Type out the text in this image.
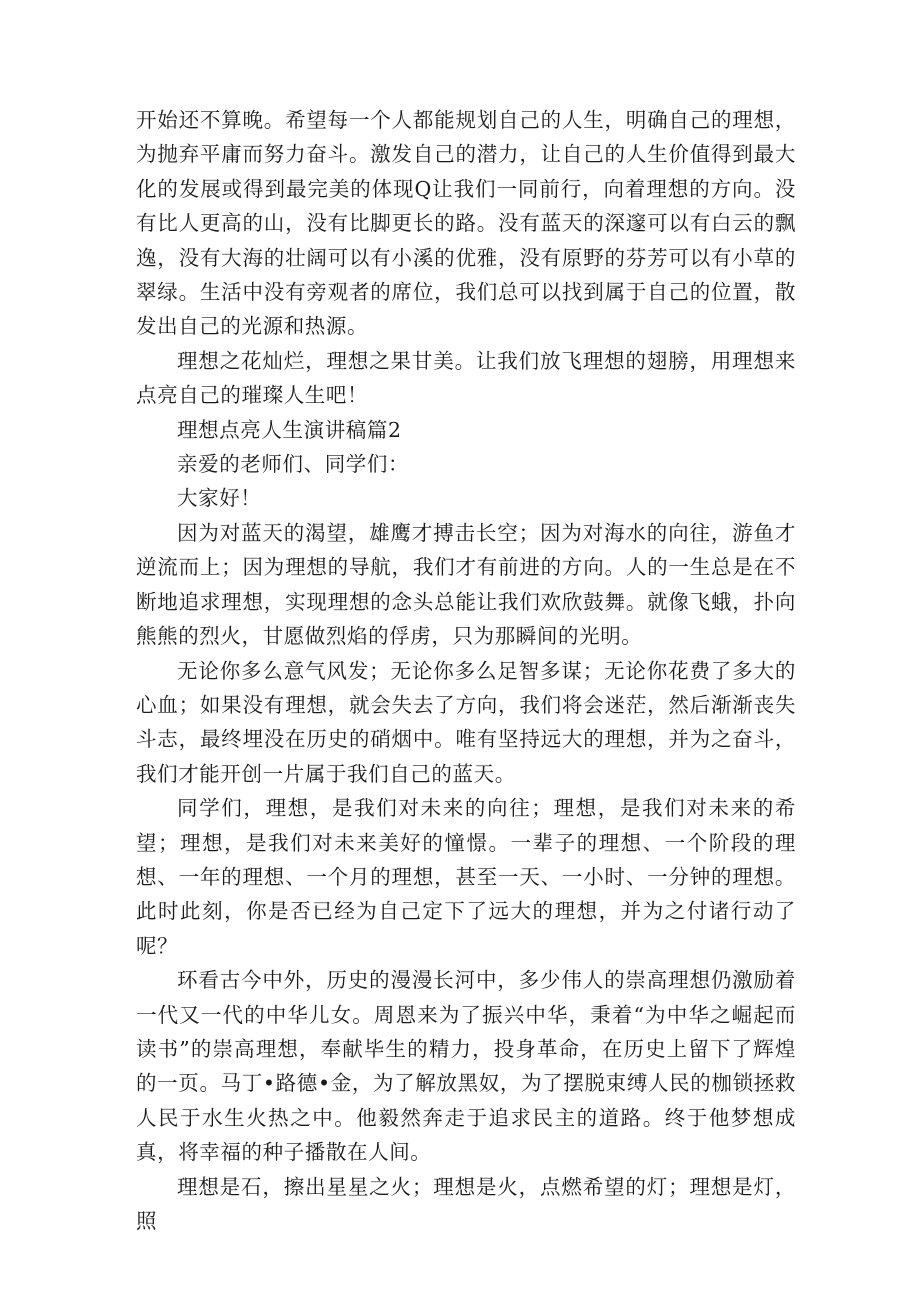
开始还不算晚。希望每一个人都能规划自己的人生，明确自己的理想，为抛弃平庸而努力奋斗。激发自己的潜力，让自己的人生价值得到最大化的发展或得到最完美的体现Q让我们一同前行，向着理想的方向。没有比人更高的山，没有比脚更长的路。没有蓝天的深邃可以有白云的飘逸，没有大海的壮阔可以有小溪的优雅，没有原野的芬芳可以有小草的翠绿。生活中没有旁观者的席位，我们总可以找到属于自己的位置，散发出自己的光源和热源。

理想之花灿烂，理想之果甘美。让我们放飞理想的翅膀，用理想来点亮自己的璀璨人生吧！

理想点亮人生演讲稿篇2

亲爱的老师们、同学们：

大家好！

因为对蓝天的渴望，雄鹰才搏击长空；因为对海水的向往，游鱼才逆流而上；因为理想的导航，我们才有前进的方向。人的一生总是在不断地追求理想，实现理想的念头总能让我们欢欣鼓舞。就像飞蛾，扑向熊熊的烈火，甘愿做烈焰的俘虏，只为那瞬间的光明。

无论你多么意气风发；无论你多么足智多谋；无论你花费了多大的心血；如果没有理想，就会失去了方向，我们将会迷茫，然后渐渐丧失斗志，最终埋没在历史的硝烟中。唯有坚持远大的理想，并为之奋斗，我们才能开创一片属于我们自己的蓝天。

同学们，理想，是我们对未来的向往；理想，是我们对未来的希望；理想，是我们对未来美好的憧憬。一辈子的理想、一个阶段的理想、一年的理想、一个月的理想，甚至一天、一小时、一分钟的理想。此时此刻，你是否已经为自己定下了远大的理想，并为之付诸行动了呢？

环看古今中外，历史的漫漫长河中，多少伟人的崇高理想仍激励着一代又一代的中华儿女。周恩来为了振兴中华，秉着“为中华之崛起而读书”的崇高理想，奉献毕生的精力，投身革命，在历史上留下了辉煌的一页。马丁•路德•金，为了解放黑奴，为了摆脱束缚人民的枷锁拯救人民于水生火热之中。他毅然奔走于追求民主的道路。终于他梦想成真，将幸福的种子播散在人间。

理想是石，擦出星星之火；理想是火，点燃希望的灯；理想是灯，照
